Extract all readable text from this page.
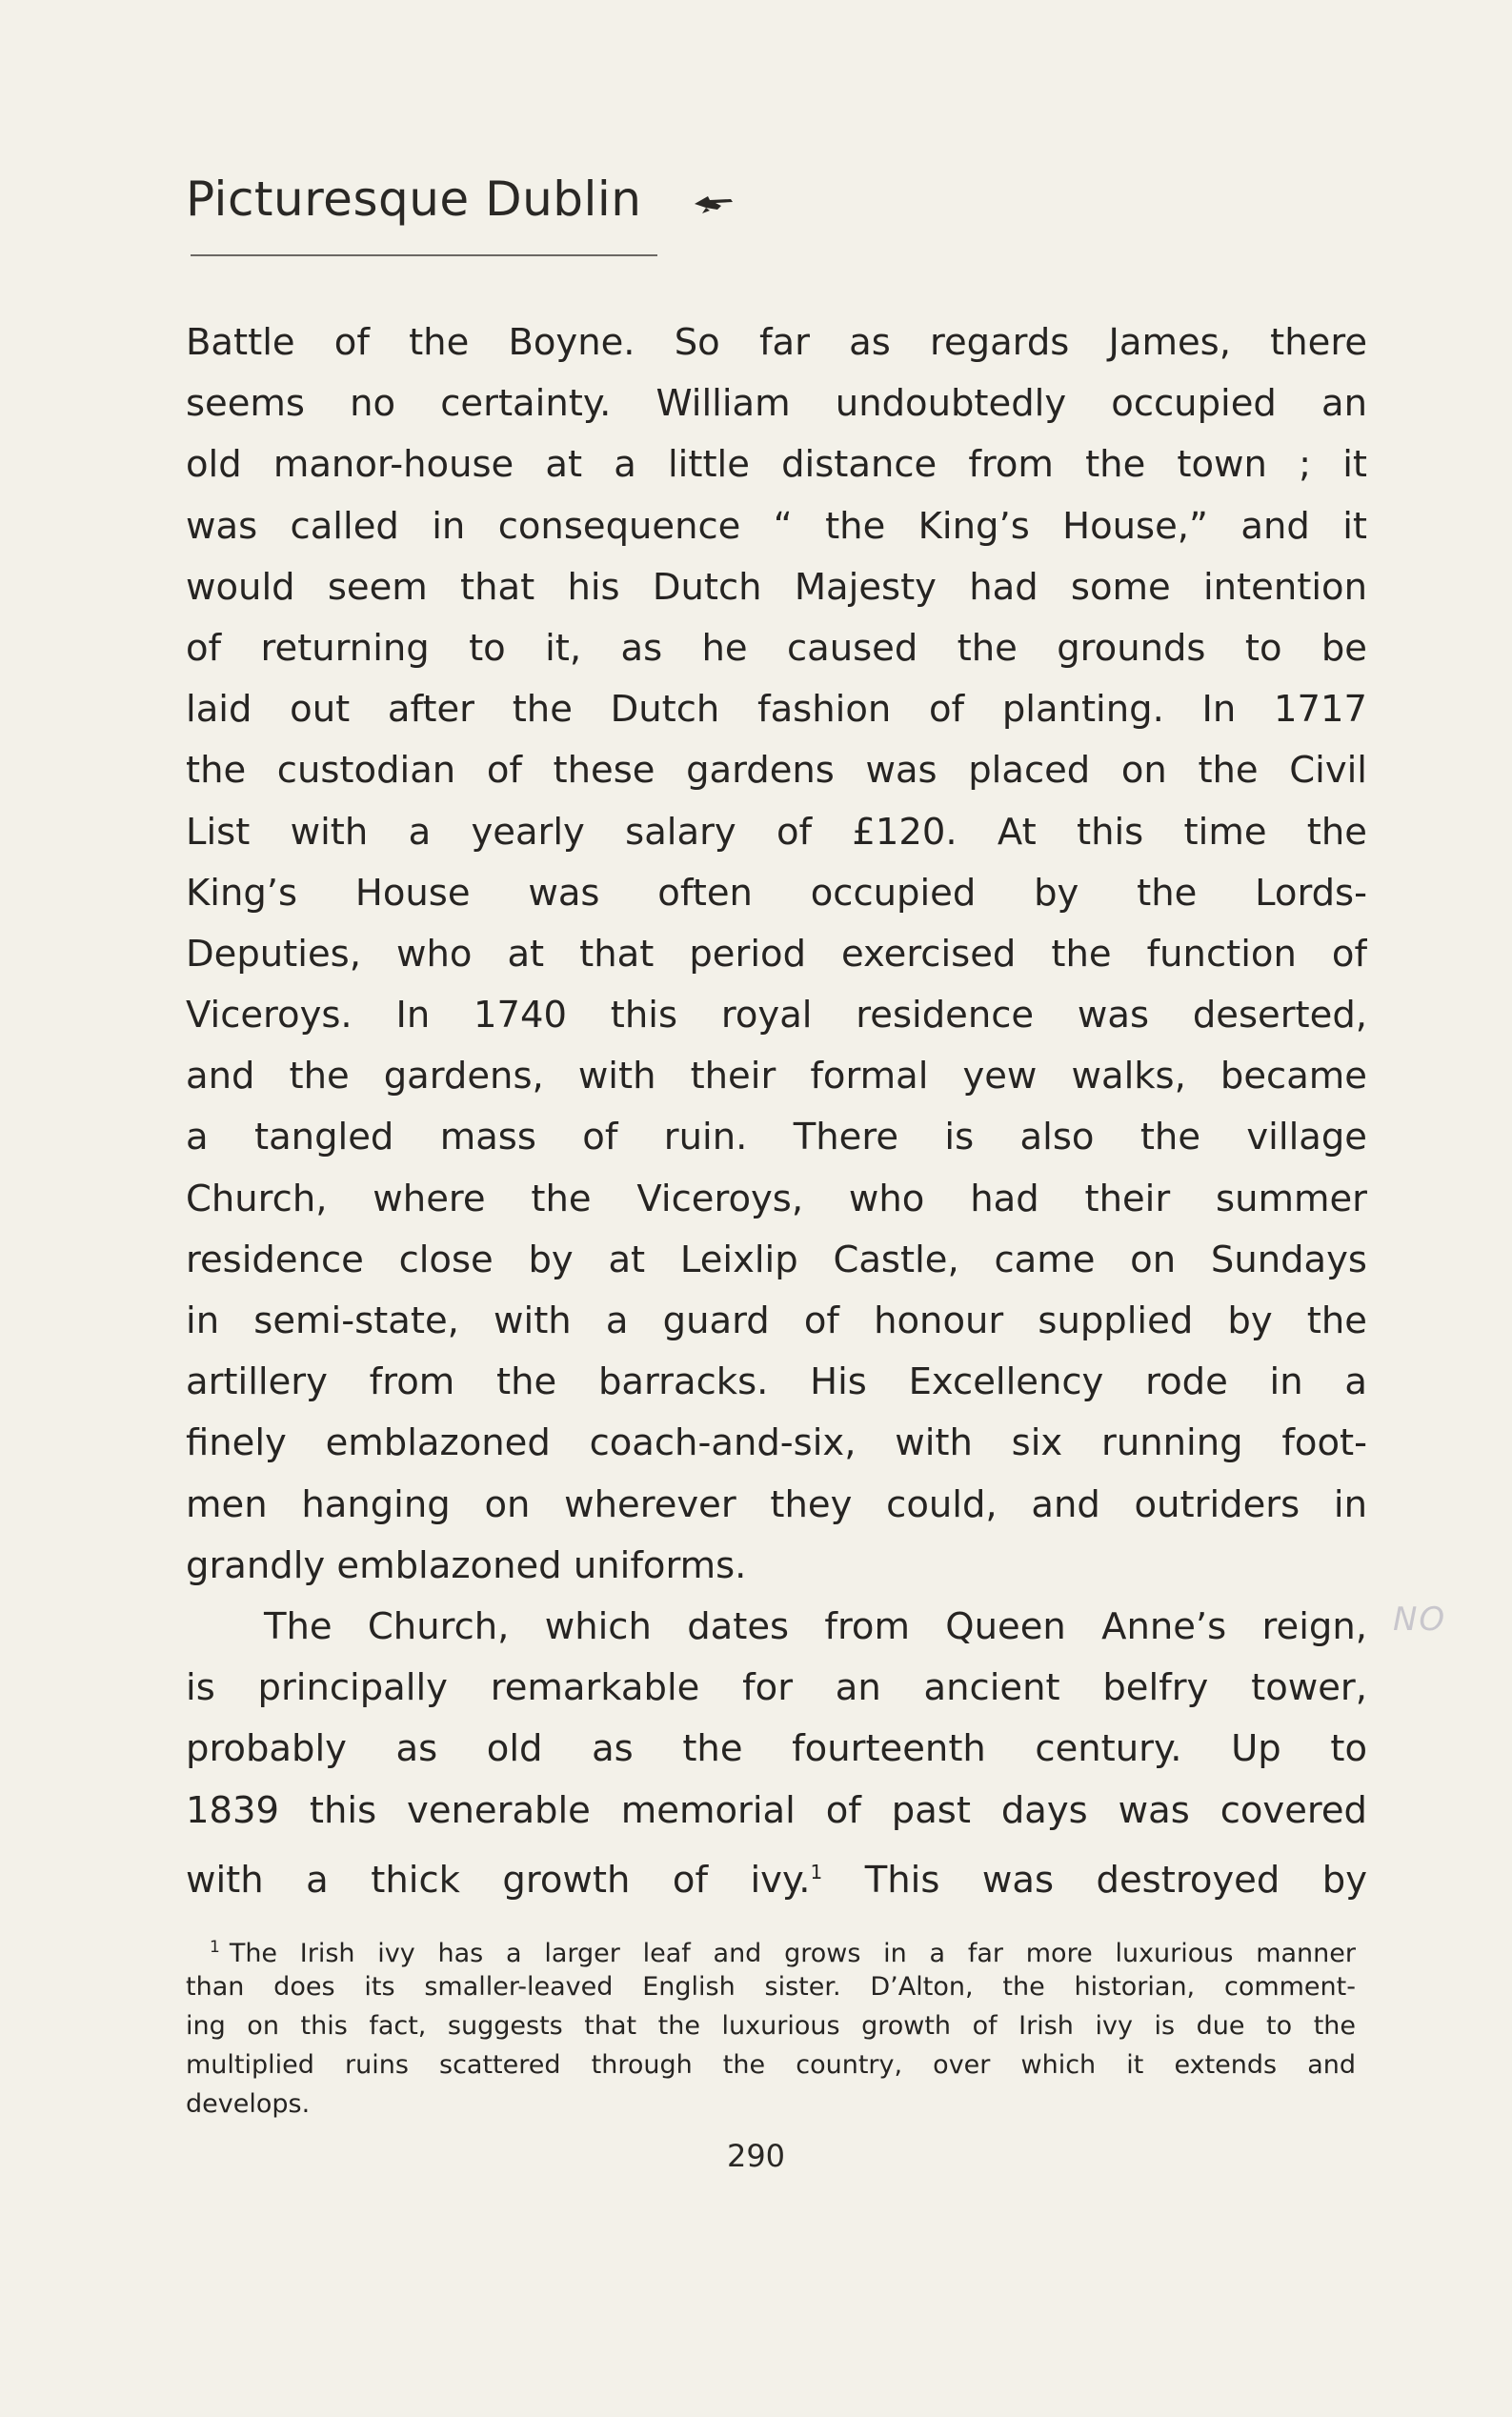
Picturesque Dublin
Battle of the Boyne. So far as regards James, there
seems no certainty. William undoubtedly occupied an
old manor-house at a little distance from the town ; it
was called in consequence “ the King’s House,” and it
would seem that his Dutch Majesty had some intention
of returning to it, as he caused the grounds to be
laid out after the Dutch fashion of planting. In 1717
the custodian of these gardens was placed on the Civil
List with a yearly salary of £120. At this time the
King’s House was often occupied by the Lords-
Deputies, who at that period exercised the function of
Viceroys. In 1740 this royal residence was deserted,
and the gardens, with their formal yew walks, became
a tangled mass of ruin. There is also the village
Church, where the Viceroys, who had their summer
residence close by at Leixlip Castle, came on Sundays
in semi-state, with a guard of honour supplied by the
artillery from the barracks. His Excellency rode in a
finely emblazoned coach-and-six, with six running foot-
men hanging on wherever they could, and outriders in
grandly emblazoned uniforms.
The Church, which dates from Queen Anne’s reign,
is principally remarkable for an ancient belfry tower,
probably as old as the fourteenth century. Up to
1839 this venerable memorial of past days was covered
with a thick growth of ivy.$^1$ This was destroyed by
NO
$^1$ The Irish ivy has a larger leaf and grows in a far more luxurious manner
than does its smaller-leaved English sister. D’Alton, the historian, comment-
ing on this fact, suggests that the luxurious growth of Irish ivy is due to the
multiplied ruins scattered through the country, over which it extends and
develops.
290
